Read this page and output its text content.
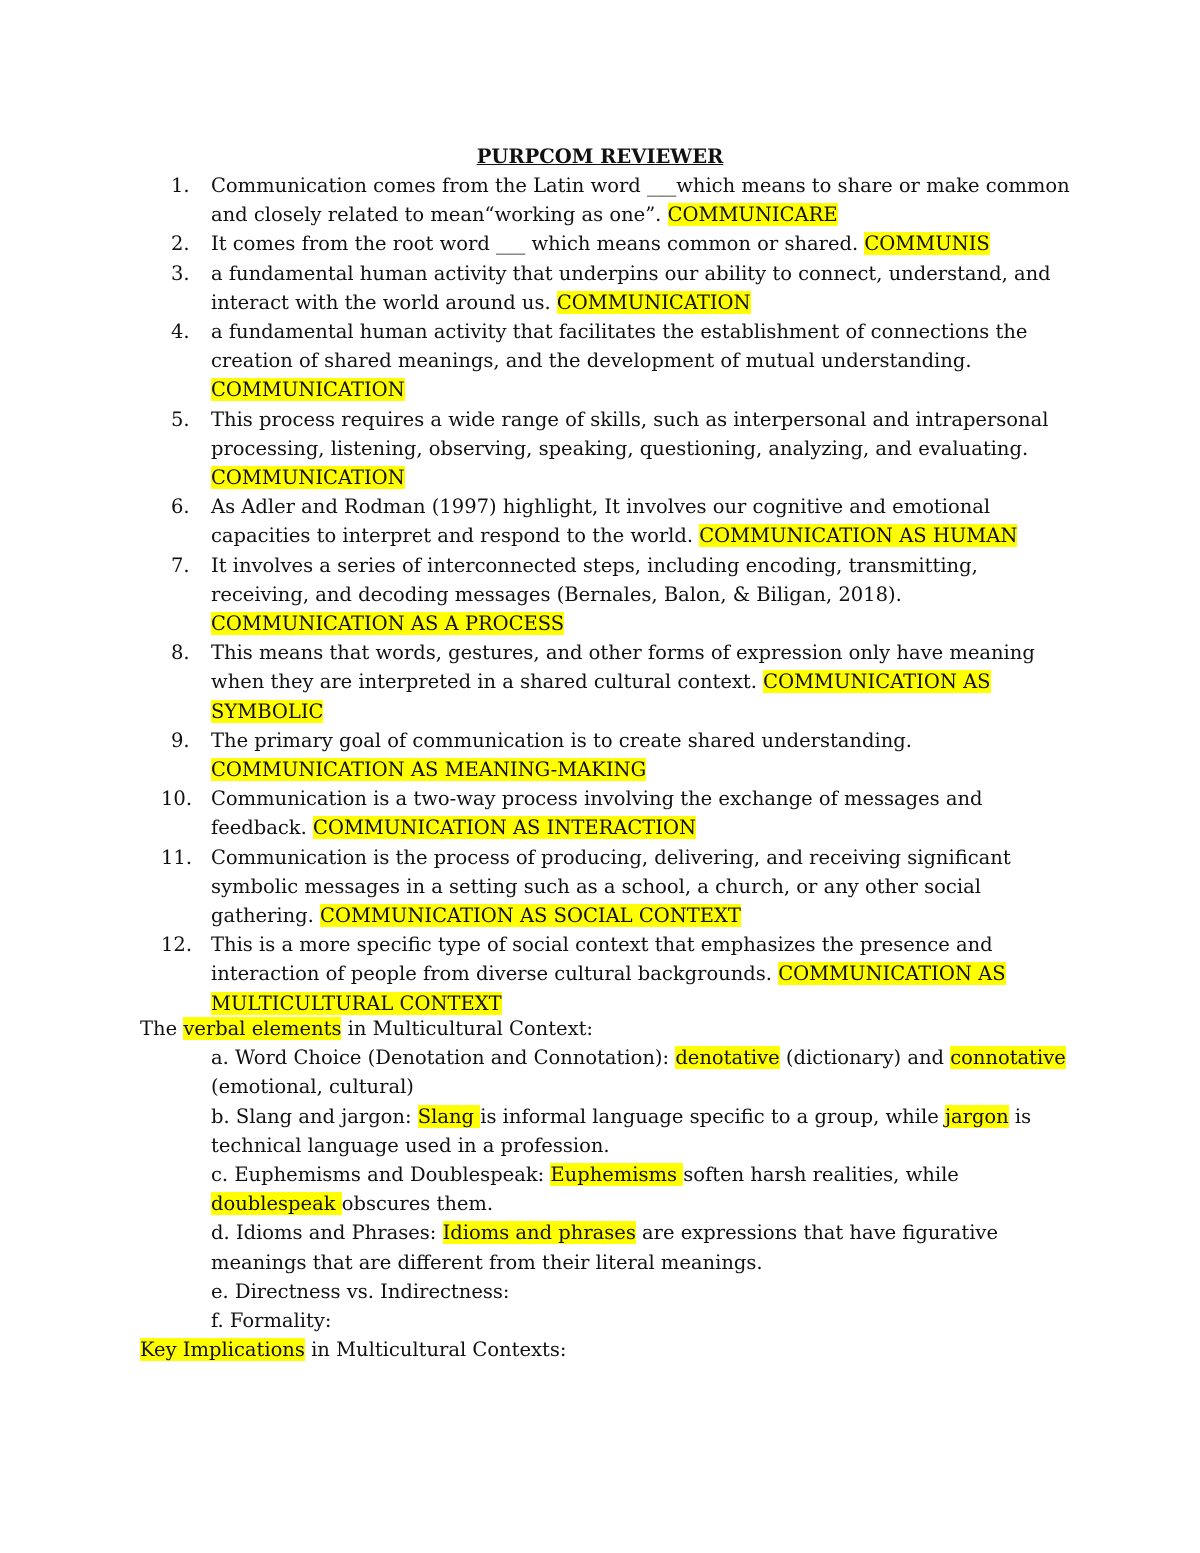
PURPCOM REVIEWER
1.	Communication comes from the Latin word ___which means to share or make common and closely related to mean“working as one”. COMMUNICARE
2.	It comes from the root word ___ which means common or shared. COMMUNIS
3.	a fundamental human activity that underpins our ability to connect, understand, and interact with the world around us. COMMUNICATION
4.	a fundamental human activity that facilitates the establishment of connections the creation of shared meanings, and the development of mutual understanding. COMMUNICATION
5.	This process requires a wide range of skills, such as interpersonal and intrapersonal processing, listening, observing, speaking, questioning, analyzing, and evaluating. COMMUNICATION
6.	As Adler and Rodman (1997) highlight, It involves our cognitive and emotional capacities to interpret and respond to the world. COMMUNICATION AS HUMAN
7.	It involves a series of interconnected steps, including encoding, transmitting, receiving, and decoding messages (Bernales, Balon, & Biligan, 2018). COMMUNICATION AS A PROCESS
8.	This means that words, gestures, and other forms of expression only have meaning when they are interpreted in a shared cultural context. COMMUNICATION AS SYMBOLIC
9.	The primary goal of communication is to create shared understanding. COMMUNICATION AS MEANING-MAKING
10. Communication is a two-way process involving the exchange of messages and feedback. COMMUNICATION AS INTERACTION
11. Communication is the process of producing, delivering, and receiving significant symbolic messages in a setting such as a school, a church, or any other social gathering. COMMUNICATION AS SOCIAL CONTEXT
12. This is a more specific type of social context that emphasizes the presence and interaction of people from diverse cultural backgrounds. COMMUNICATION AS MULTICULTURAL CONTEXT
The verbal elements in Multicultural Context:
a. Word Choice (Denotation and Connotation): denotative (dictionary) and connotative (emotional, cultural)
b. Slang and jargon: Slang is informal language specific to a group, while jargon is technical language used in a profession.
c. Euphemisms and Doublespeak: Euphemisms soften harsh realities, while doublespeak obscures them.
d. Idioms and Phrases: Idioms and phrases are expressions that have figurative meanings that are different from their literal meanings.
e. Directness vs. Indirectness:
f. Formality:
Key Implications in Multicultural Contexts:
